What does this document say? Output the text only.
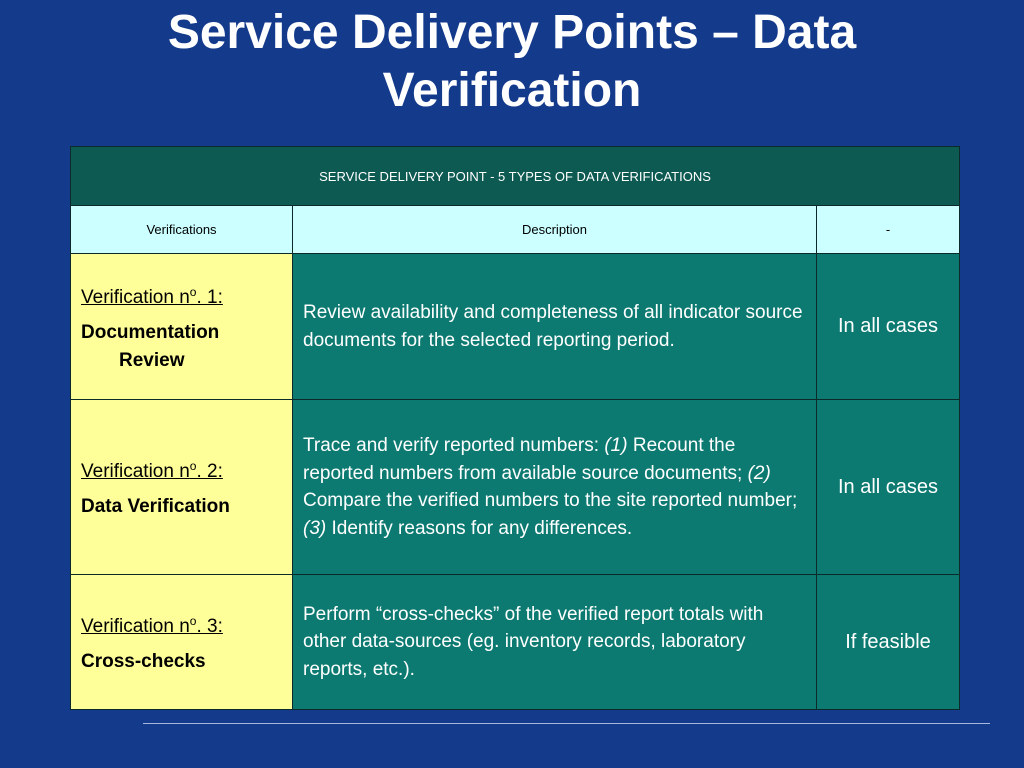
Service Delivery Points – Data Verification
SERVICE DELIVERY POINT - 5 TYPES OF DATA VERIFICATIONS		
Verifications	Description	-

Verification $n^o$. 1:
Documentation
Review	Review availability and completeness of all indicator source documents for the selected reporting period.	In all cases

Verification $n^o$. 2:
Data Verification	Trace and verify reported numbers: (1) Recount the reported numbers from available source documents; (2) Compare the verified numbers to the site reported number; (3) Identify reasons for any differences.	In all cases

Verification $n^o$. 3:
Cross-checks	Perform “cross-checks” of the verified report totals with other data-sources (eg. inventory records, laboratory reports, etc.).	If feasible
